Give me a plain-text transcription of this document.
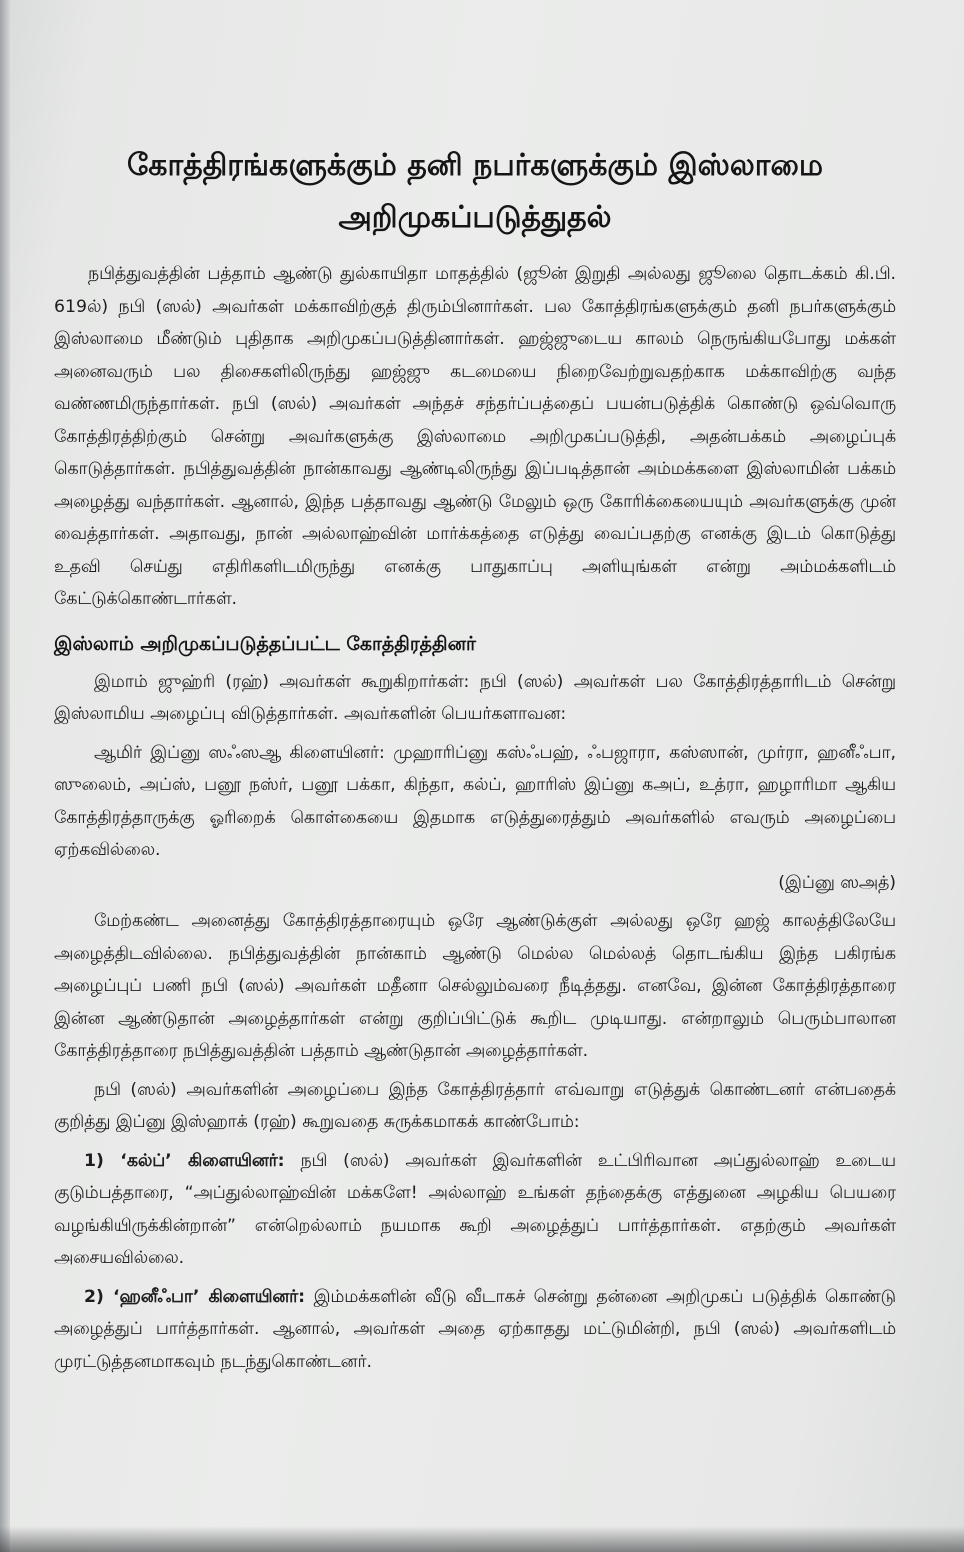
கோத்திரங்களுக்கும் தனி நபர்களுக்கும் இஸ்லாமை
அறிமுகப்படுத்துதல்

நபித்துவத்தின் பத்தாம் ஆண்டு துல்காயிதா மாதத்தில் (ஜூன் இறுதி அல்லது ஜூலை தொடக்கம் கி.பி. 619ல்) நபி (ஸல்) அவர்கள் மக்காவிற்குத் திரும்பினார்கள். பல கோத்திரங்களுக்கும் தனி நபர்களுக்கும் இஸ்லாமை மீண்டும் புதிதாக அறிமுகப்படுத்தினார்கள். ஹஜ்ஜுடைய காலம் நெருங்கியபோது மக்கள் அனைவரும் பல திசைகளிலிருந்து ஹஜ்ஜு கடமையை நிறைவேற்றுவதற்காக மக்காவிற்கு வந்த வண்ணமிருந்தார்கள். நபி (ஸல்) அவர்கள் அந்தச் சந்தர்ப்பத்தைப் பயன்படுத்திக் கொண்டு ஒவ்வொரு கோத்திரத்திற்கும் சென்று அவர்களுக்கு இஸ்லாமை அறிமுகப்படுத்தி, அதன்பக்கம் அழைப்புக் கொடுத்தார்கள். நபித்துவத்தின் நான்காவது ஆண்டிலிருந்து இப்படித்தான் அம்மக்களை இஸ்லாமின் பக்கம் அழைத்து வந்தார்கள். ஆனால், இந்த பத்தாவது ஆண்டு மேலும் ஒரு கோரிக்கையையும் அவர்களுக்கு முன் வைத்தார்கள். அதாவது, நான் அல்லாஹ்வின் மார்க்கத்தை எடுத்து வைப்பதற்கு எனக்கு இடம் கொடுத்து உதவி செய்து எதிரிகளிடமிருந்து எனக்கு பாதுகாப்பு அளியுங்கள் என்று அம்மக்களிடம் கேட்டுக்கொண்டார்கள்.

இஸ்லாம் அறிமுகப்படுத்தப்பட்ட கோத்திரத்தினர்

இமாம் ஜுஹ்ரி (ரஹ்) அவர்கள் கூறுகிறார்கள்: நபி (ஸல்) அவர்கள் பல கோத்திரத்தாரிடம் சென்று இஸ்லாமிய அழைப்பு விடுத்தார்கள். அவர்களின் பெயர்களாவன:

ஆமிர் இப்னு ஸஃஸஆ கிளையினர்: முஹாரிப்னு கஸ்ஃபஹ், ஃபஜாரா, கஸ்ஸான், முர்ரா, ஹனீஃபா, ஸுலைம், அப்ஸ், பனூ நஸ்ர், பனூ பக்கா, கிந்தா, கல்ப், ஹாரிஸ் இப்னு கஅப், உத்ரா, ஹழாரிமா ஆகிய கோத்திரத்தாருக்கு ஓரிறைக் கொள்கையை இதமாக எடுத்துரைத்தும் அவர்களில் எவரும் அழைப்பை ஏற்கவில்லை.
(இப்னு ஸஅத்)

மேற்கண்ட அனைத்து கோத்திரத்தாரையும் ஒரே ஆண்டுக்குள் அல்லது ஒரே ஹஜ் காலத்திலேயே அழைத்திடவில்லை. நபித்துவத்தின் நான்காம் ஆண்டு மெல்ல மெல்லத் தொடங்கிய இந்த பகிரங்க அழைப்புப் பணி நபி (ஸல்) அவர்கள் மதீனா செல்லும்வரை நீடித்தது. எனவே, இன்ன கோத்திரத்தாரை இன்ன ஆண்டுதான் அழைத்தார்கள் என்று குறிப்பிட்டுக் கூறிட முடியாது. என்றாலும் பெரும்பாலான கோத்திரத்தாரை நபித்துவத்தின் பத்தாம் ஆண்டுதான் அழைத்தார்கள்.

நபி (ஸல்) அவர்களின் அழைப்பை இந்த கோத்திரத்தார் எவ்வாறு எடுத்துக் கொண்டனர் என்பதைக் குறித்து இப்னு இஸ்ஹாக் (ரஹ்) கூறுவதை சுருக்கமாகக் காண்போம்:

1) ‘கல்ப்’ கிளையினர்: நபி (ஸல்) அவர்கள் இவர்களின் உட்பிரிவான அப்துல்லாஹ் உடைய குடும்பத்தாரை, “அப்துல்லாஹ்வின் மக்களே! அல்லாஹ் உங்கள் தந்தைக்கு எத்துனை அழகிய பெயரை வழங்கியிருக்கின்றான்” என்றெல்லாம் நயமாக கூறி அழைத்துப் பார்த்தார்கள். எதற்கும் அவர்கள் அசையவில்லை.

2) ‘ஹனீஃபா’ கிளையினர்: இம்மக்களின் வீடு வீடாகச் சென்று தன்னை அறிமுகப் படுத்திக் கொண்டு அழைத்துப் பார்த்தார்கள். ஆனால், அவர்கள் அதை ஏற்காதது மட்டுமின்றி, நபி (ஸல்) அவர்களிடம் முரட்டுத்தனமாகவும் நடந்துகொண்டனர்.
